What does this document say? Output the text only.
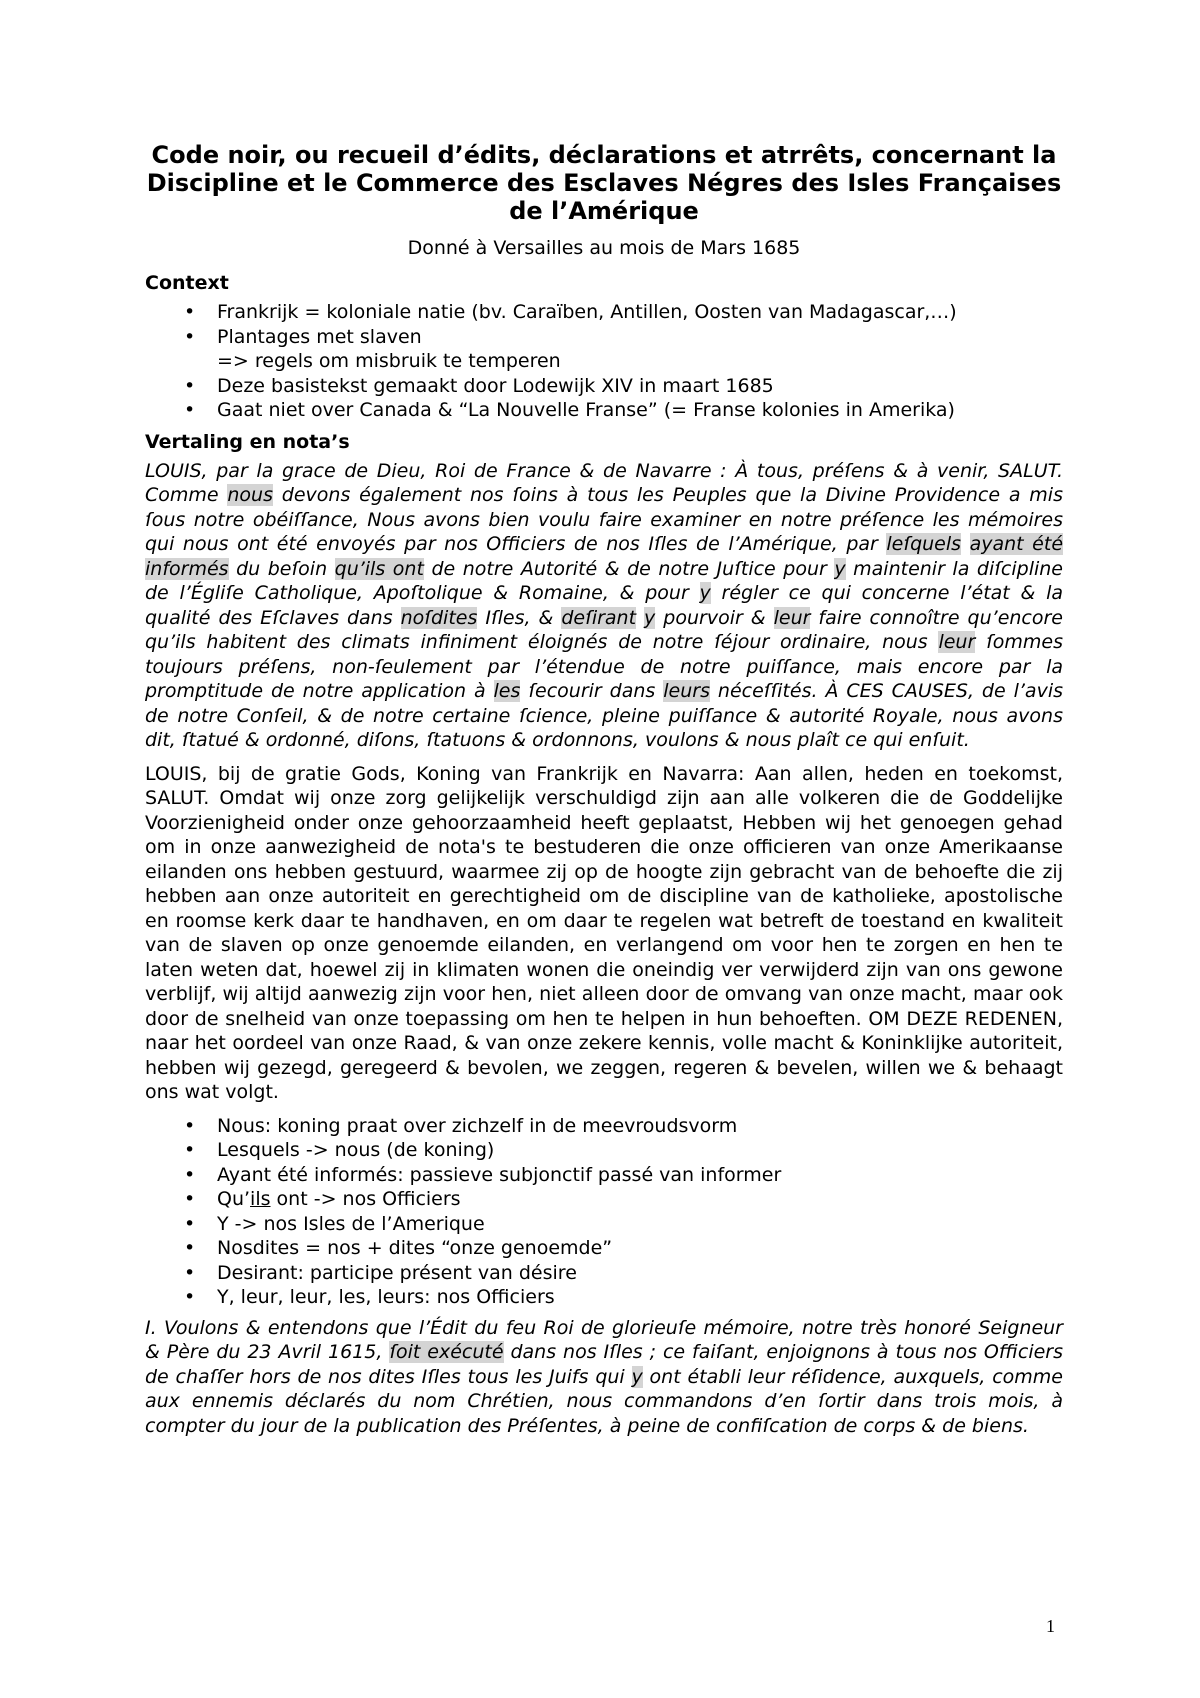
Code noir, ou recueil d’édits, déclarations et atrrêts, concernant la Discipline et le Commerce des Esclaves Négres des Isles Françaises de l’Amérique
Donné à Versailles au mois de Mars 1685
Context
•	Frankrijk = koloniale natie (bv. Caraïben, Antillen, Oosten van Madagascar,…)
•	Plantages met slaven
=> regels om misbruik te temperen
•	Deze basistekst gemaakt door Lodewijk XIV in maart 1685
•	Gaat niet over Canada & “La Nouvelle Franse” (= Franse kolonies in Amerika)
Vertaling en nota’s

LOUIS, par la grace de Dieu, Roi de France & de Navarre : À tous, préſens & à venir, SALUT. Comme nous devons également nos ſoins à tous les Peuples que la Divine Providence a mis ſous notre obéiſſance, Nous avons bien voulu faire examiner en notre préſence les mémoires qui nous ont été envoyés par nos Officiers de nos Iſles de l’Amérique, par leſquels ayant été informés du beſoin qu’ils ont de notre Autorité & de notre Juſtice pour y maintenir la diſcipline de l’Égliſe Catholique, Apoſtolique & Romaine, & pour y régler ce qui concerne l’état & la qualité des Eſclaves dans noſdites Iſles, & deſirant y pourvoir & leur faire connoître qu’encore qu’ils habitent des climats infiniment éloignés de notre ſéjour ordinaire, nous leur ſommes toujours préſens, non-ſeulement par l’étendue de notre puiſſance, mais encore par la promptitude de notre application à les ſecourir dans leurs néceſſités. À CES CAUSES, de l’avis de notre Conſeil, & de notre certaine ſcience, pleine puiſſance & autorité Royale, nous avons dit, ſtatué & ordonné, diſons, ſtatuons & ordonnons, voulons & nous plaît ce qui enſuit.

LOUIS, bij de gratie Gods, Koning van Frankrijk en Navarra: Aan allen, heden en toekomst, SALUT. Omdat wij onze zorg gelijkelijk verschuldigd zijn aan alle volkeren die de Goddelijke Voorzienigheid onder onze gehoorzaamheid heeft geplaatst, Hebben wij het genoegen gehad om in onze aanwezigheid de nota's te bestuderen die onze officieren van onze Amerikaanse eilanden ons hebben gestuurd, waarmee zij op de hoogte zijn gebracht van de behoefte die zij hebben aan onze autoriteit en gerechtigheid om de discipline van de katholieke, apostolische en roomse kerk daar te handhaven, en om daar te regelen wat betreft de toestand en kwaliteit van de slaven op onze genoemde eilanden, en verlangend om voor hen te zorgen en hen te laten weten dat, hoewel zij in klimaten wonen die oneindig ver verwijderd zijn van ons gewone verblijf, wij altijd aanwezig zijn voor hen, niet alleen door de omvang van onze macht, maar ook door de snelheid van onze toepassing om hen te helpen in hun behoeften. OM DEZE REDENEN, naar het oordeel van onze Raad, & van onze zekere kennis, volle macht & Koninklijke autoriteit, hebben wij gezegd, geregeerd & bevolen, we zeggen, regeren & bevelen, willen we & behaagt ons wat volgt.

•	Nous: koning praat over zichzelf in de meevroudsvorm
•	Lesquels -> nous (de koning)
•	Ayant été informés: passieve subjonctif passé van informer
•	Qu’ils ont -> nos Officiers
•	Y -> nos Isles de l’Amerique
•	Nosdites = nos + dites “onze genoemde”
•	Desirant: participe présent van désire
•	Y, leur, leur, les, leurs: nos Officiers

I. Voulons & entendons que l’Édit du feu Roi de glorieuſe mémoire, notre très honoré Seigneur & Père du 23 Avril 1615, ſoit exécuté dans nos Iſles ; ce faiſant, enjoignons à tous nos Officiers de chaſſer hors de nos dites Iſles tous les Juifs qui y ont établi leur réſidence, auxquels, comme aux ennemis déclarés du nom Chrétien, nous commandons d’en ſortir dans trois mois, à compter du jour de la publication des Préſentes, à peine de confiſcation de corps & de biens.

1
